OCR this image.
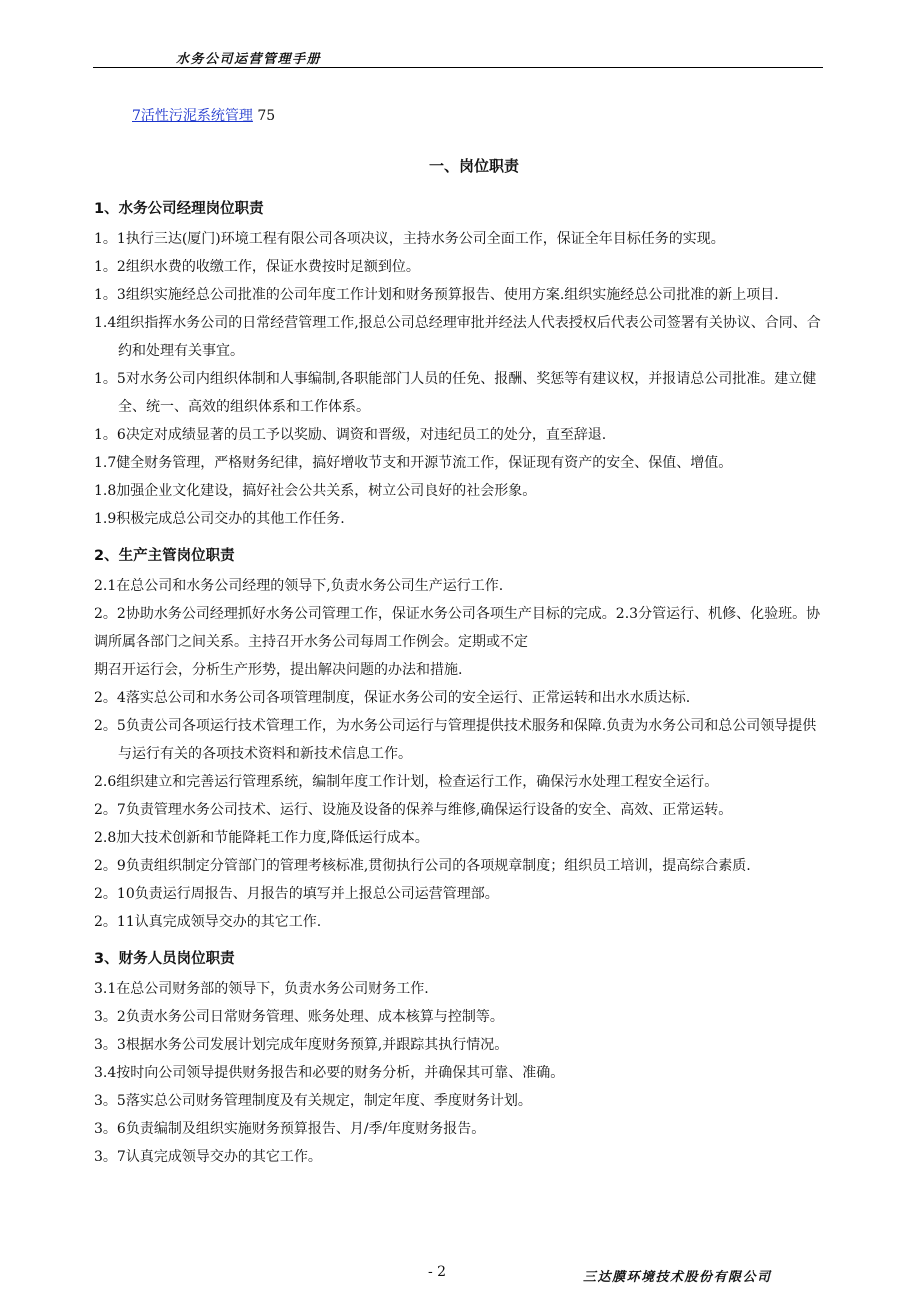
水务公司运营管理手册
7活性污泥系统管理 75
一、岗位职责
1、水务公司经理岗位职责
1。1执行三达(厦门)环境工程有限公司各项决议，主持水务公司全面工作，保证全年目标任务的实现。
1。2组织水费的收缴工作，保证水费按时足额到位。
1。3组织实施经总公司批准的公司年度工作计划和财务预算报告、使用方案.组织实施经总公司批准的新上项目.
1.4组织指挥水务公司的日常经营管理工作,报总公司总经理审批并经法人代表授权后代表公司签署有关协议、合同、合约和处理有关事宜。
1。5对水务公司内组织体制和人事编制,各职能部门人员的任免、报酬、奖惩等有建议权，并报请总公司批准。建立健全、统一、高效的组织体系和工作体系。
1。6决定对成绩显著的员工予以奖励、调资和晋级，对违纪员工的处分，直至辞退.
1.7健全财务管理，严格财务纪律，搞好增收节支和开源节流工作，保证现有资产的安全、保值、增值。
1.8加强企业文化建设，搞好社会公共关系，树立公司良好的社会形象。
1.9积极完成总公司交办的其他工作任务.
2、生产主管岗位职责
2.1在总公司和水务公司经理的领导下,负责水务公司生产运行工作.
2。2协助水务公司经理抓好水务公司管理工作，保证水务公司各项生产目标的完成。2.3分管运行、机修、化验班。协调所属各部门之间关系。主持召开水务公司每周工作例会。定期或不定
期召开运行会，分析生产形势，提出解决问题的办法和措施.
2。4落实总公司和水务公司各项管理制度，保证水务公司的安全运行、正常运转和出水水质达标.
2。5负责公司各项运行技术管理工作，为水务公司运行与管理提供技术服务和保障.负责为水务公司和总公司领导提供与运行有关的各项技术资料和新技术信息工作。
2.6组织建立和完善运行管理系统，编制年度工作计划，检查运行工作，确保污水处理工程安全运行。
2。7负责管理水务公司技术、运行、设施及设备的保养与维修,确保运行设备的安全、高效、正常运转。
2.8加大技术创新和节能降耗工作力度,降低运行成本。
2。9负责组织制定分管部门的管理考核标准,贯彻执行公司的各项规章制度；组织员工培训，提高综合素质.
2。10负责运行周报告、月报告的填写并上报总公司运营管理部。
2。11认真完成领导交办的其它工作.
3、财务人员岗位职责
3.1在总公司财务部的领导下，负责水务公司财务工作.
3。2负责水务公司日常财务管理、账务处理、成本核算与控制等。
3。3根据水务公司发展计划完成年度财务预算,并跟踪其执行情况。
3.4按时向公司领导提供财务报告和必要的财务分析，并确保其可靠、准确。
3。5落实总公司财务管理制度及有关规定，制定年度、季度财务计划。
3。6负责编制及组织实施财务预算报告、月/季/年度财务报告。
3。7认真完成领导交办的其它工作。
- 2	三达膜环境技术股份有限公司
